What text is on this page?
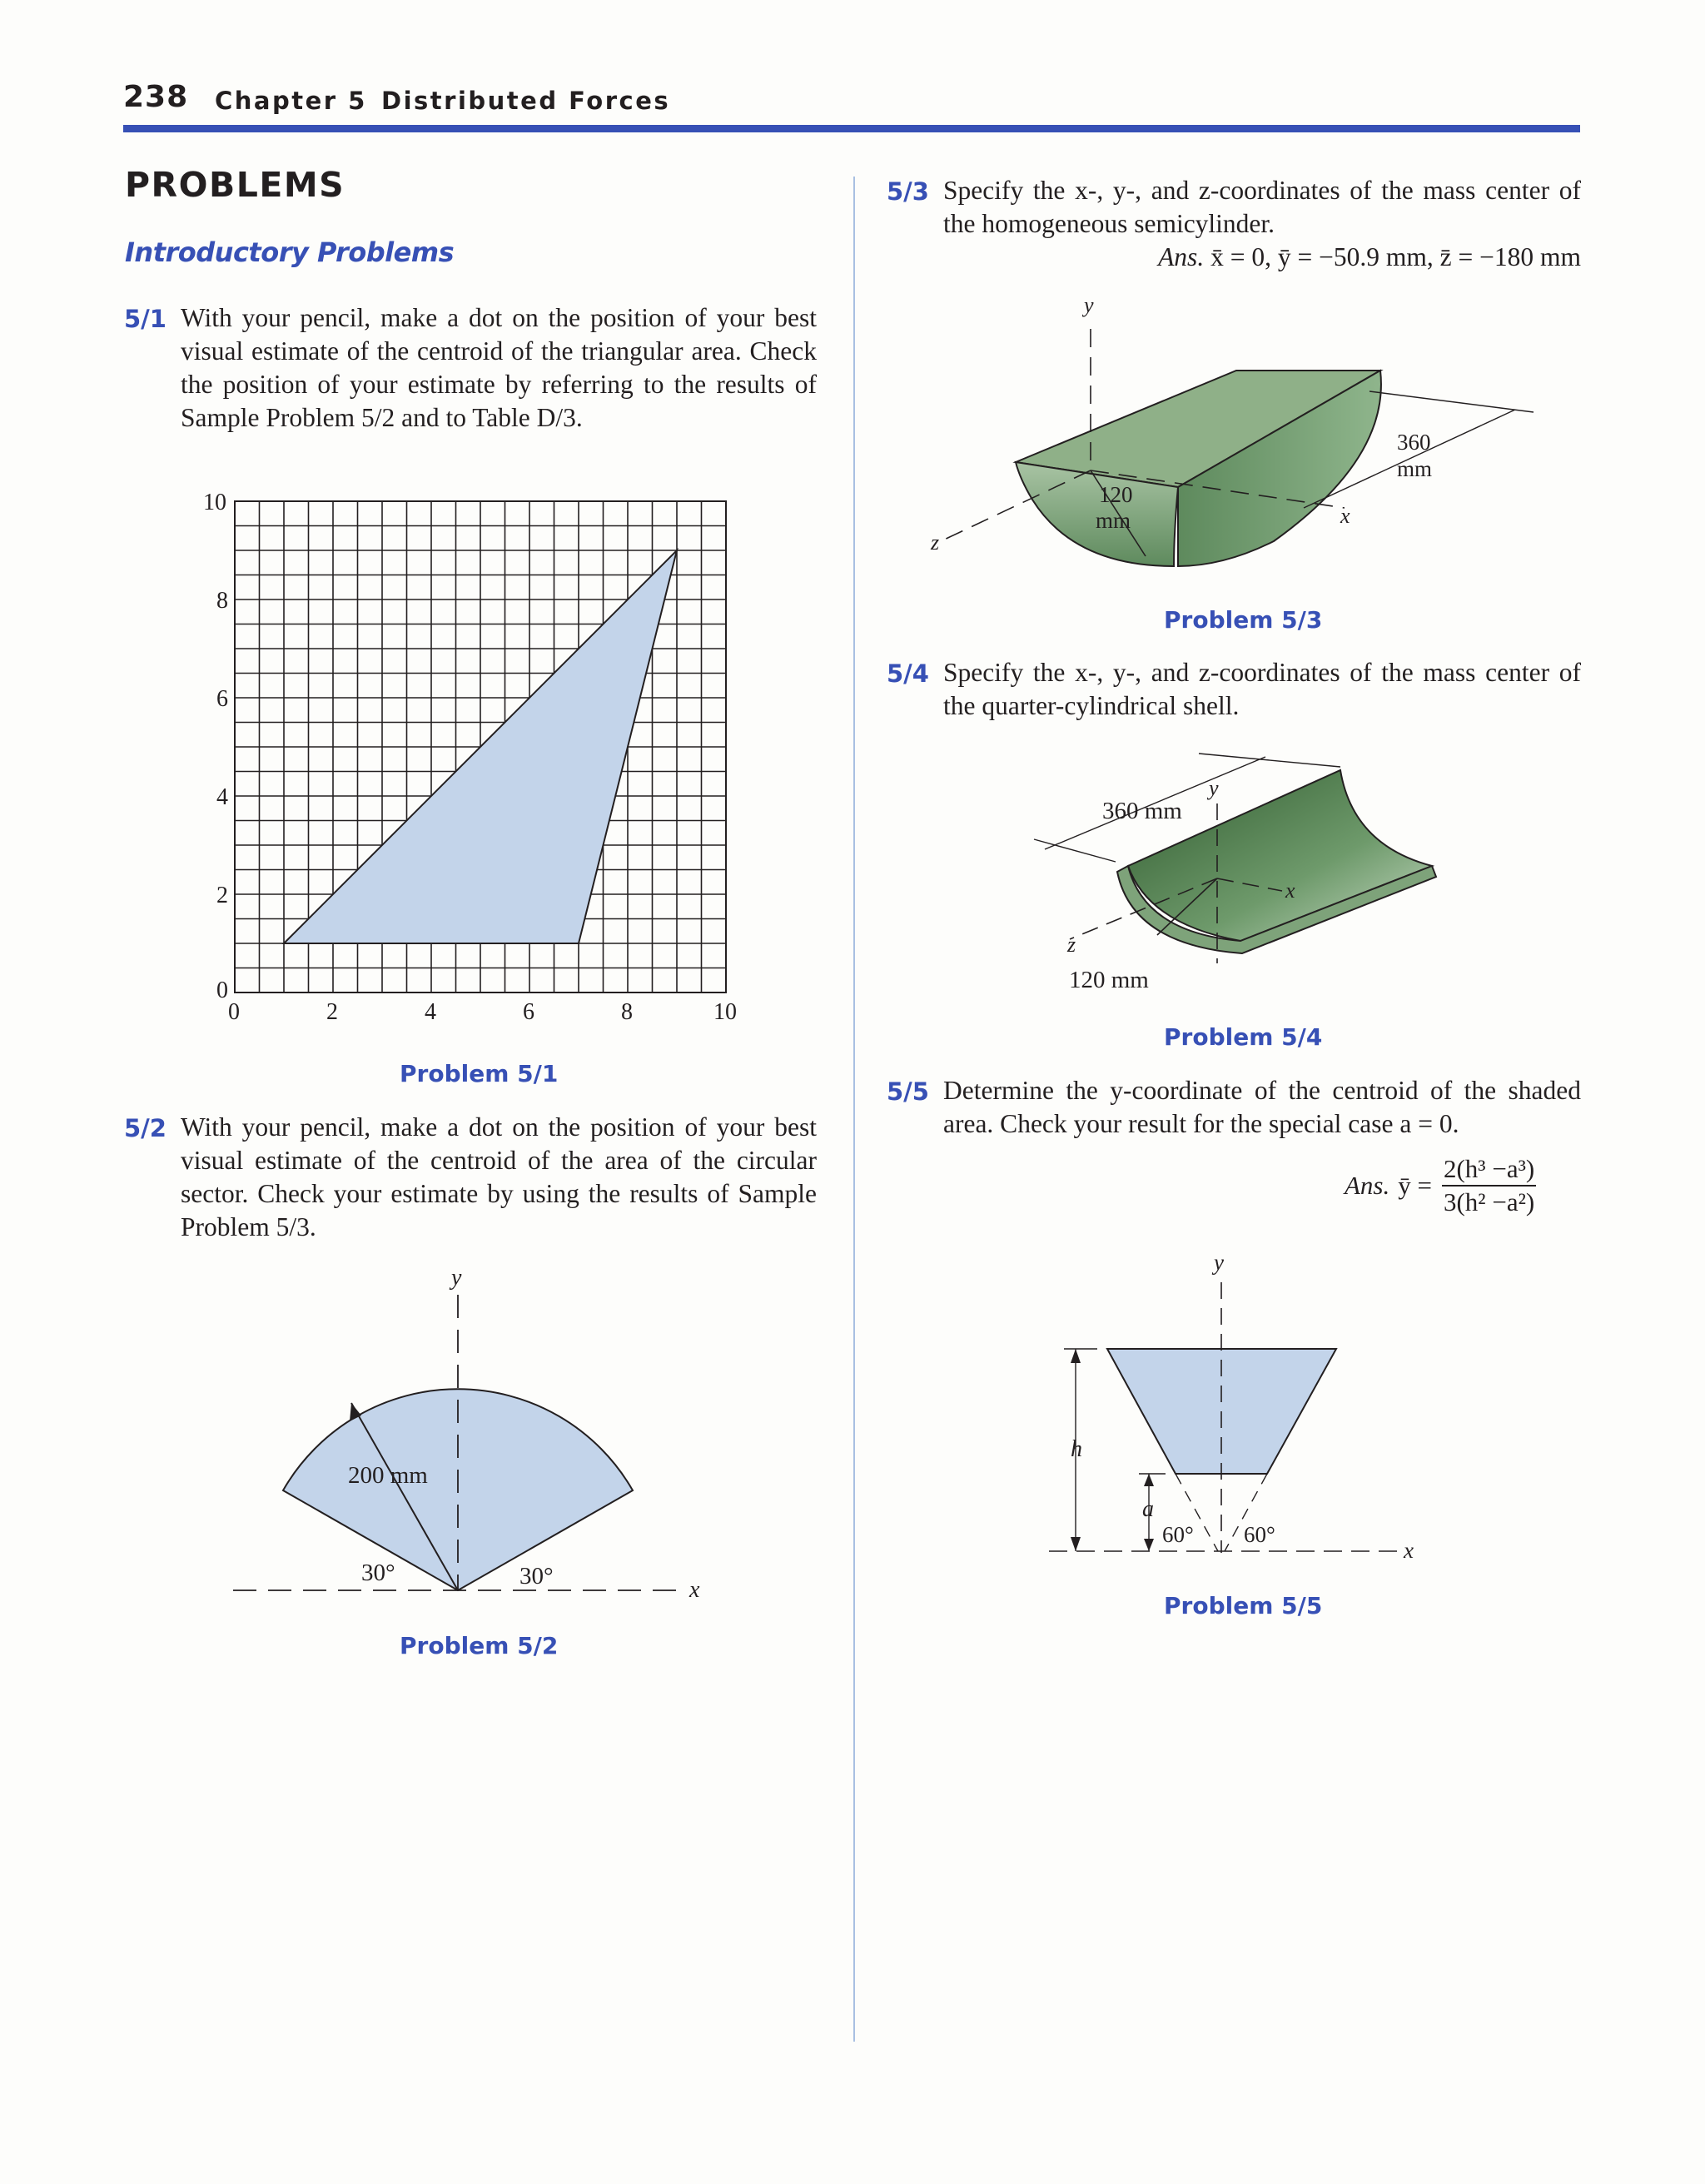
238 Chapter 5 Distributed Forces
PROBLEMS
Introductory Problems
5/1 With your pencil, make a dot on the position of your best visual estimate of the centroid of the triangular area. Check the position of your estimate by referring to the results of Sample Problem 5/2 and to Table D/3.
0	2	4	6	8	10
0
2
4
6
8
10
Problem 5/1
5/2 With your pencil, make a dot on the position of your best visual estimate of the centroid of the area of the circular sector. Check your estimate by using the results of Sample Problem 5/3.
y
x
200 mm
30°	30°
Problem 5/2
5/3 Specify the x-, y-, and z-coordinates of the mass center of the homogeneous semicylinder.
Ans. x̄ = 0, ȳ = −50.9 mm, z̄ = −180 mm
y
z
x
120
mm
360
mm
Problem 5/3
5/4 Specify the x-, y-, and z-coordinates of the mass center of the quarter-cylindrical shell.
y
x
z
360 mm
120 mm
Problem 5/4
5/5 Determine the y-coordinate of the centroid of the shaded area. Check your result for the special case a = 0.
Ans. ȳ = $\frac{\text{2(h³ −a³)}}{\text{3(h² −a²)}}$
y
x
h
a
60° 60°
Problem 5/5
